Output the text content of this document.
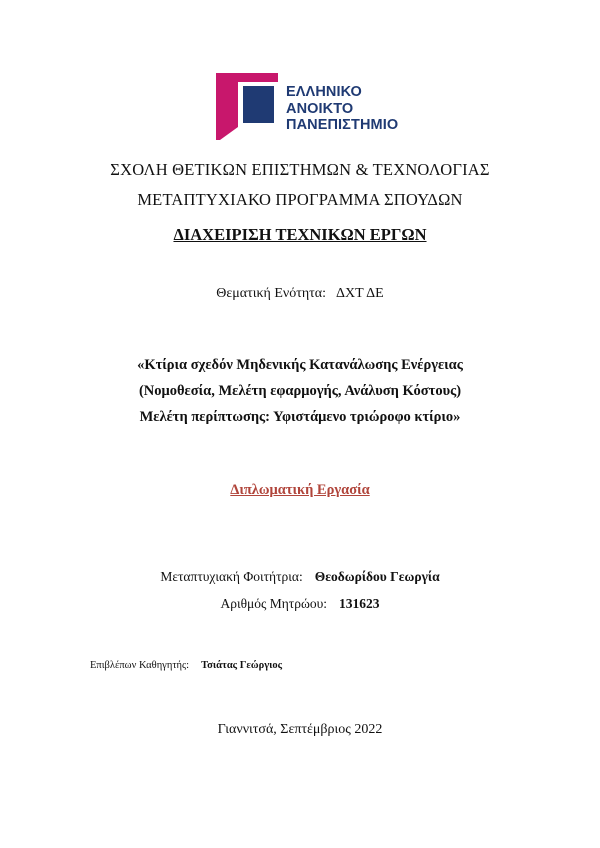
ΕΛΛΗΝΙΚΟ
ΑΝΟΙΚΤΟ
ΠΑΝΕΠΙΣΤΗΜΙΟ
ΣΧΟΛΗ ΘΕΤΙΚΩΝ ΕΠΙΣΤΗΜΩΝ & ΤΕΧΝΟΛΟΓΙΑΣ
ΜΕΤΑΠΤΥΧΙΑΚΟ ΠΡΟΓΡΑΜΜΑ ΣΠΟΥΔΩΝ
ΔΙΑΧΕΙΡΙΣΗ ΤΕΧΝΙΚΩΝ ΕΡΓΩΝ
Θεματική Ενότητα: ΔΧΤ ΔΕ
«Κτίρια σχεδόν Μηδενικής Κατανάλωσης Ενέργειας
(Νομοθεσία, Μελέτη εφαρμογής, Ανάλυση Κόστους)
Μελέτη περίπτωσης: Υφιστάμενο τριώροφο κτίριο»
Διπλωματική Εργασία
Μεταπτυχιακή Φοιτήτρια: Θεοδωρίδου Γεωργία
Αριθμός Μητρώου: 131623
Επιβλέπων Καθηγητής: Τσιάτας Γεώργιος
Γιαννιτσά, Σεπτέμβριος 2022
